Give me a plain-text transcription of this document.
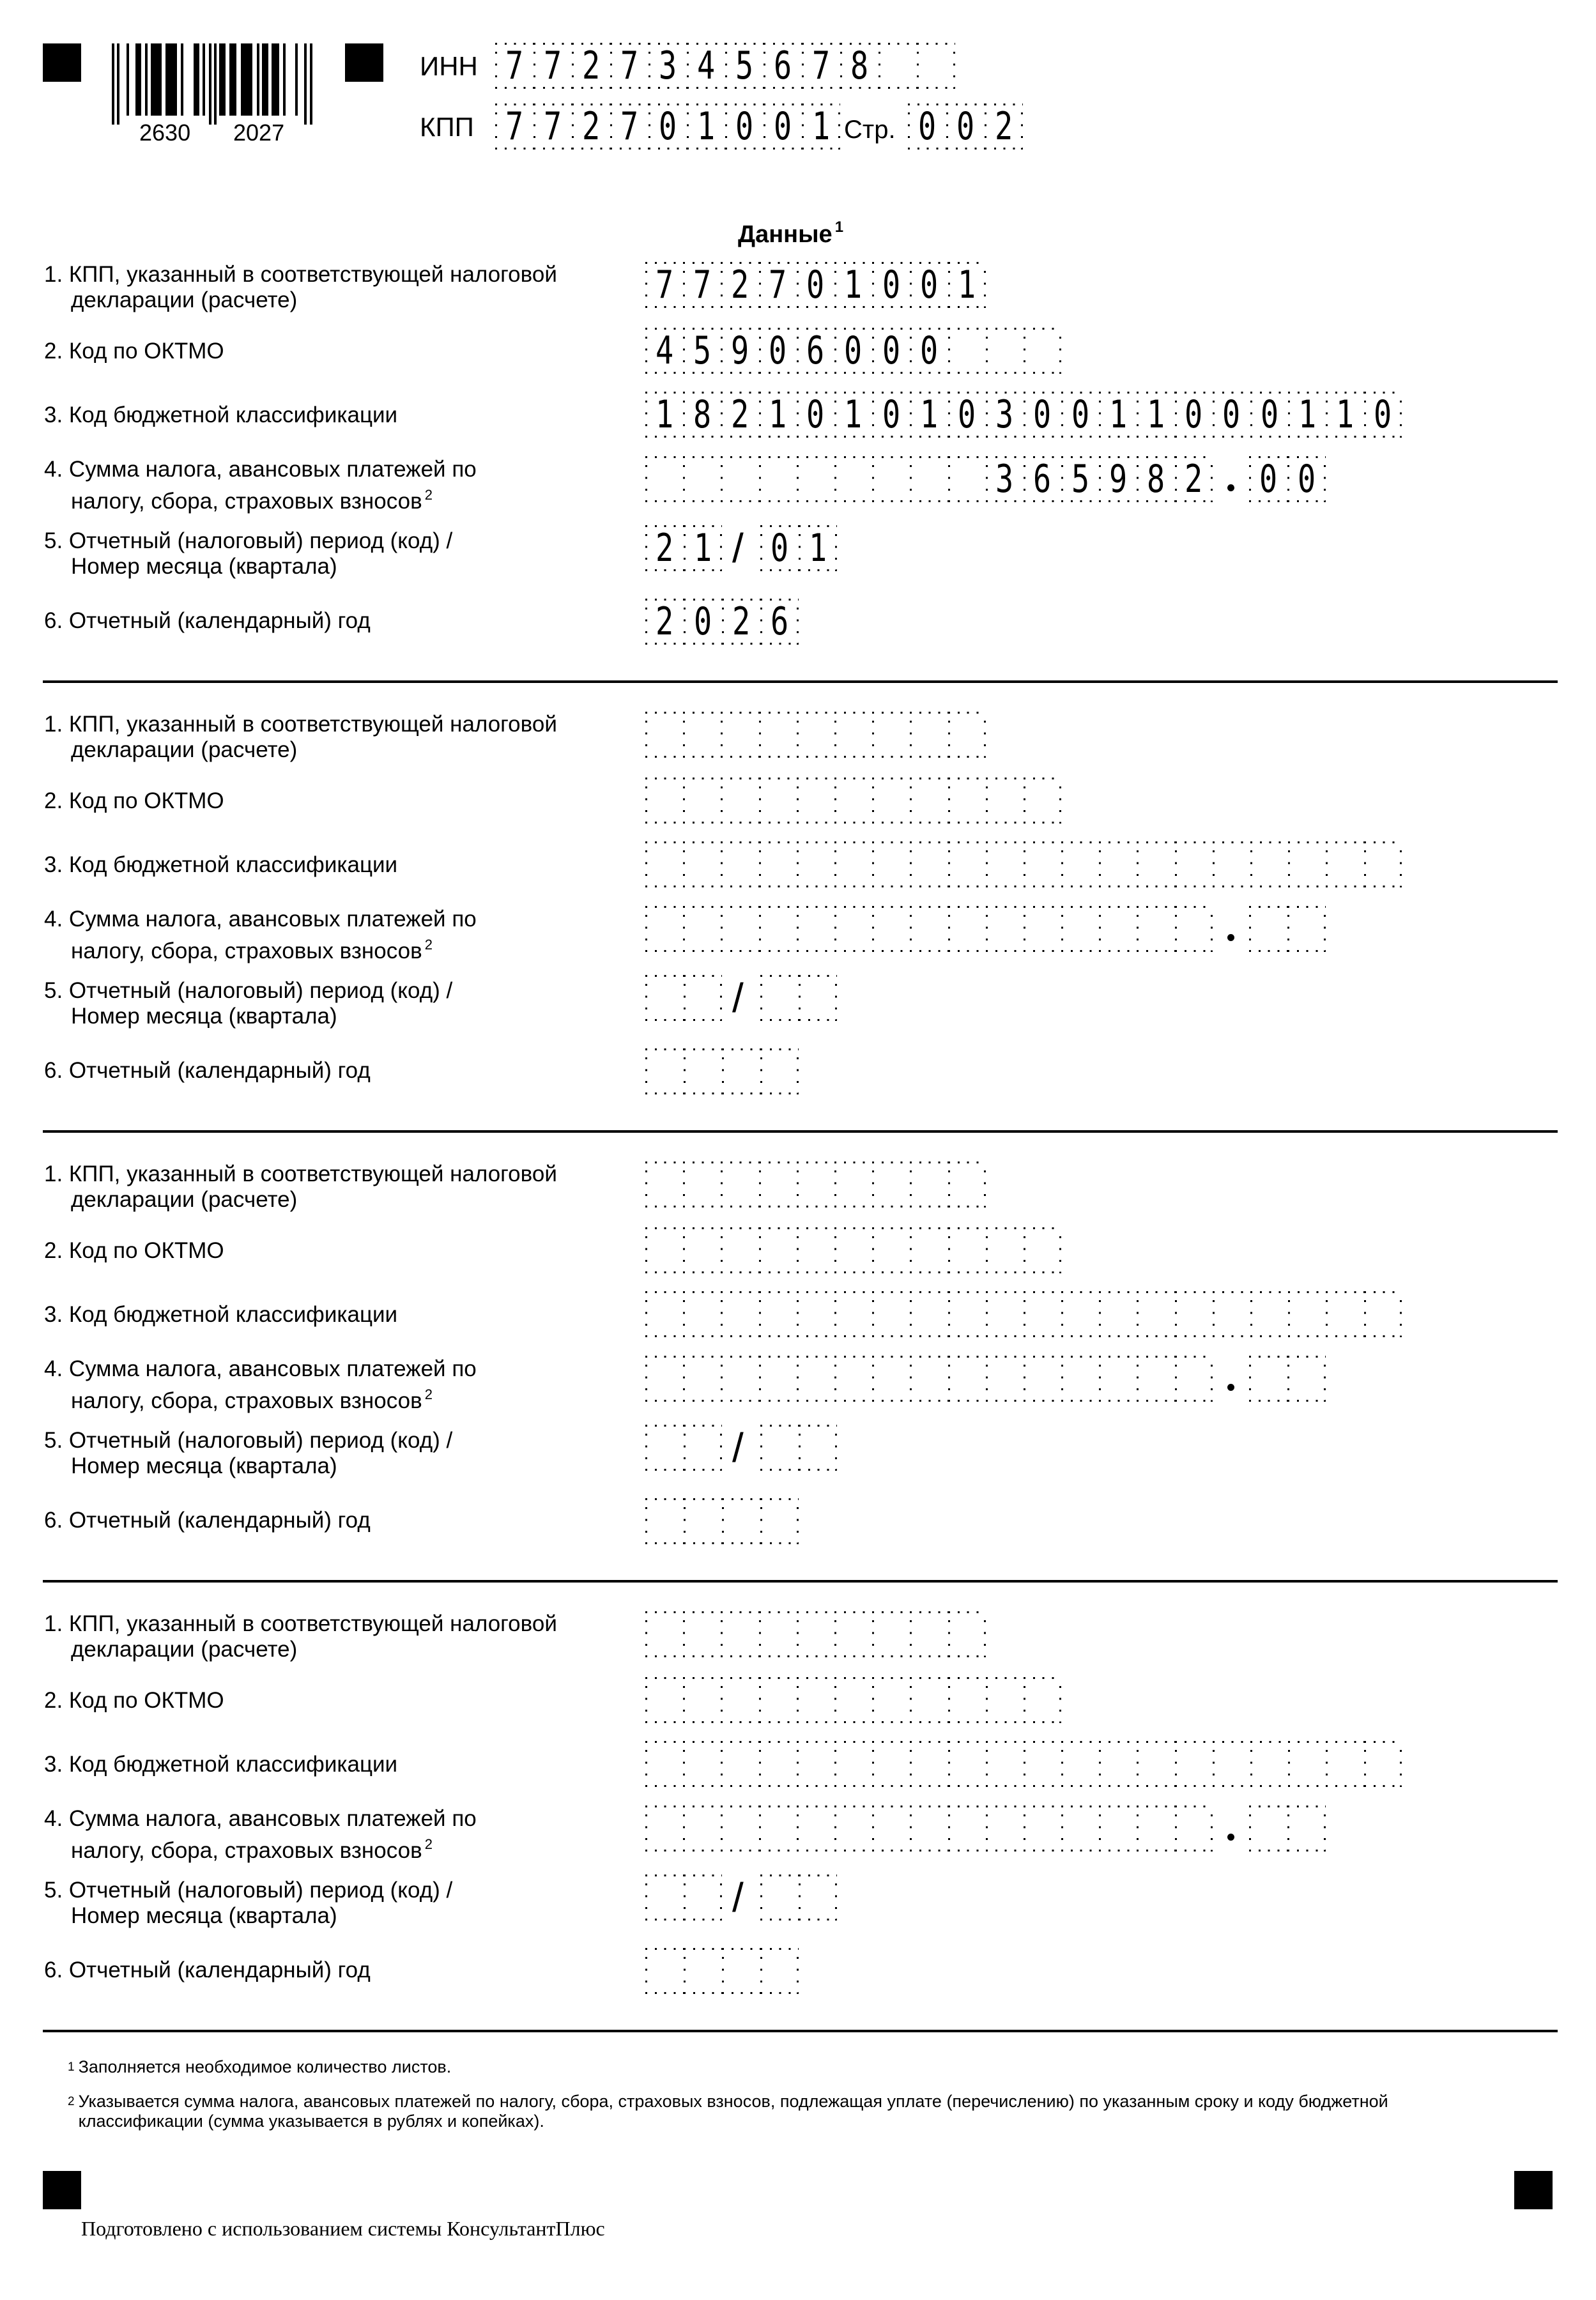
2630 2027
ИНН 7 7 2 7 3 4 5 6 7 8
КПП 7 7 2 7 0 1 0 0 1 Стр. 0 0 2
Данные $^1$
1. КПП, указанный в соответствующей налоговой
декларации (расчете)
2. Код по ОКТМО
3. Код бюджетной классификации
4. Сумма налога, авансовых платежей по
налогу, сбора, страховых взносов $^2$
5. Отчетный (налоговый) период (код) /
Номер месяца (квартала)
6. Отчетный (календарный) год
7 7 2 7 0 1 0 0 1
4 5 9 0 6 0 0 0
1 8 2 1 0 1 0 1 0 3 0 0 1 1 0 0 0 1 1 0
3 6 5 9 8 2 0 0
2 1 / 0 1
2 0 2 6
1. КПП, указанный в соответствующей налоговой
декларации (расчете)
2. Код по ОКТМО
3. Код бюджетной классификации
4. Сумма налога, авансовых платежей по
налогу, сбора, страховых взносов $^2$
5. Отчетный (налоговый) период (код) /
Номер месяца (квартала)
6. Отчетный (календарный) год
/
1. КПП, указанный в соответствующей налоговой
декларации (расчете)
2. Код по ОКТМО
3. Код бюджетной классификации
4. Сумма налога, авансовых платежей по
налогу, сбора, страховых взносов $^2$
5. Отчетный (налоговый) период (код) /
Номер месяца (квартала)
6. Отчетный (календарный) год
/
1. КПП, указанный в соответствующей налоговой
декларации (расчете)
2. Код по ОКТМО
3. Код бюджетной классификации
4. Сумма налога, авансовых платежей по
налогу, сбора, страховых взносов $^2$
5. Отчетный (налоговый) период (код) /
Номер месяца (квартала)
6. Отчетный (календарный) год
/
$^1$ Заполняется необходимое количество листов.
$^2$ Указывается сумма налога, авансовых платежей по налогу, сбора, страховых взносов, подлежащая уплате (перечислению) по указанным сроку и коду бюджетной
классификации (сумма указывается в рублях и копейках).
Подготовлено с использованием системы КонсультантПлюс
